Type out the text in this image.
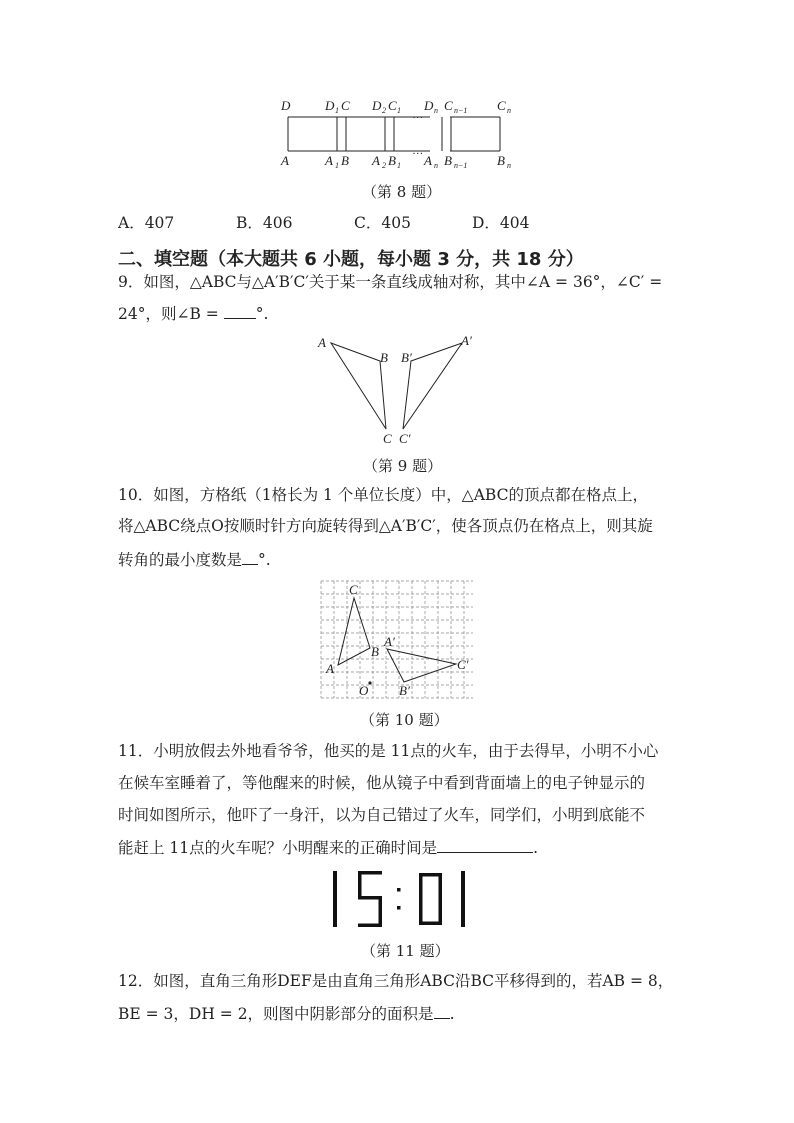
D	D 1 C D 2 C 1 …
D n C n−1 C n
A	A 1 B A 2 B 1
…
A n B n−1 B n
（第 8 题）
A．407	B．406	C．405	D．404
二、填空题（本大题共 6 小题，每小题 3 分，共 18 分）
9．如图，△ABC与△A′B′C′关于某一条直线成轴对称，其中∠A = 36°，∠C′ =
24°，则∠B = °.
A
B
C
B′
A′
C′
（第 9 题）
10．如图，方格纸（1格长为 1 个单位长度）中，△ABC的顶点都在格点上，
将△ABC绕点O按顺时针方向旋转得到△A′B′C′，使各顶点仍在格点上，则其旋
转角的最小度数是 °.
C
A
B
A′
B′
C′
O
（第 10 题）
11．小明放假去外地看爷爷，他买的是 11点的火车，由于去得早，小明不小心
在候车室睡着了，等他醒来的时候，他从镜子中看到背面墙上的电子钟显示的
时间如图所示，他吓了一身汗，以为自己错过了火车，同学们，小明到底能不
能赶上 11点的火车呢？小明醒来的正确时间是	.
（第 11 题）
12．如图，直角三角形DEF是由直角三角形ABC沿BC平移得到的，若AB = 8，
BE = 3，DH = 2，则图中阴影部分的面积是 .
